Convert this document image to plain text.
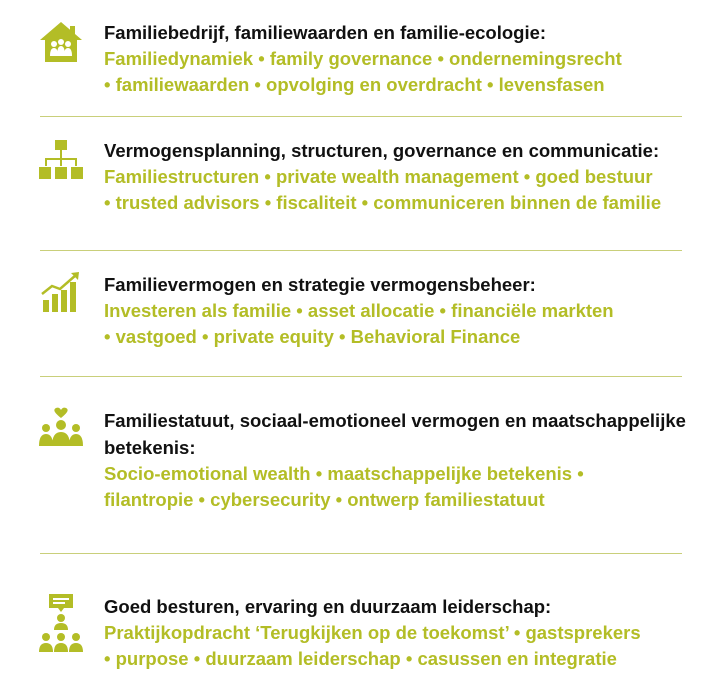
Familiebedrijf, familiewaarden en familie-ecologie:

Familiedynamiek • family governance • ondernemingsrecht

• familiewaarden • opvolging en overdracht • levensfasen

Vermogensplanning, structuren, governance en communicatie:

Familiestructuren • private wealth management • goed bestuur

• trusted advisors • fiscaliteit • communiceren binnen de familie

Familievermogen en strategie vermogensbeheer:

Investeren als familie • asset allocatie • financiële markten

• vastgoed • private equity • Behavioral Finance

Familiestatuut, sociaal-emotioneel vermogen en maatschappelijke betekenis:

Socio-emotional wealth • maatschappelijke betekenis •

filantropie • cybersecurity • ontwerp familiestatuut

Goed besturen, ervaring en duurzaam leiderschap:

Praktijkopdracht ‘Terugkijken op de toekomst’ • gastsprekers

• purpose • duurzaam leiderschap • casussen en integratie
